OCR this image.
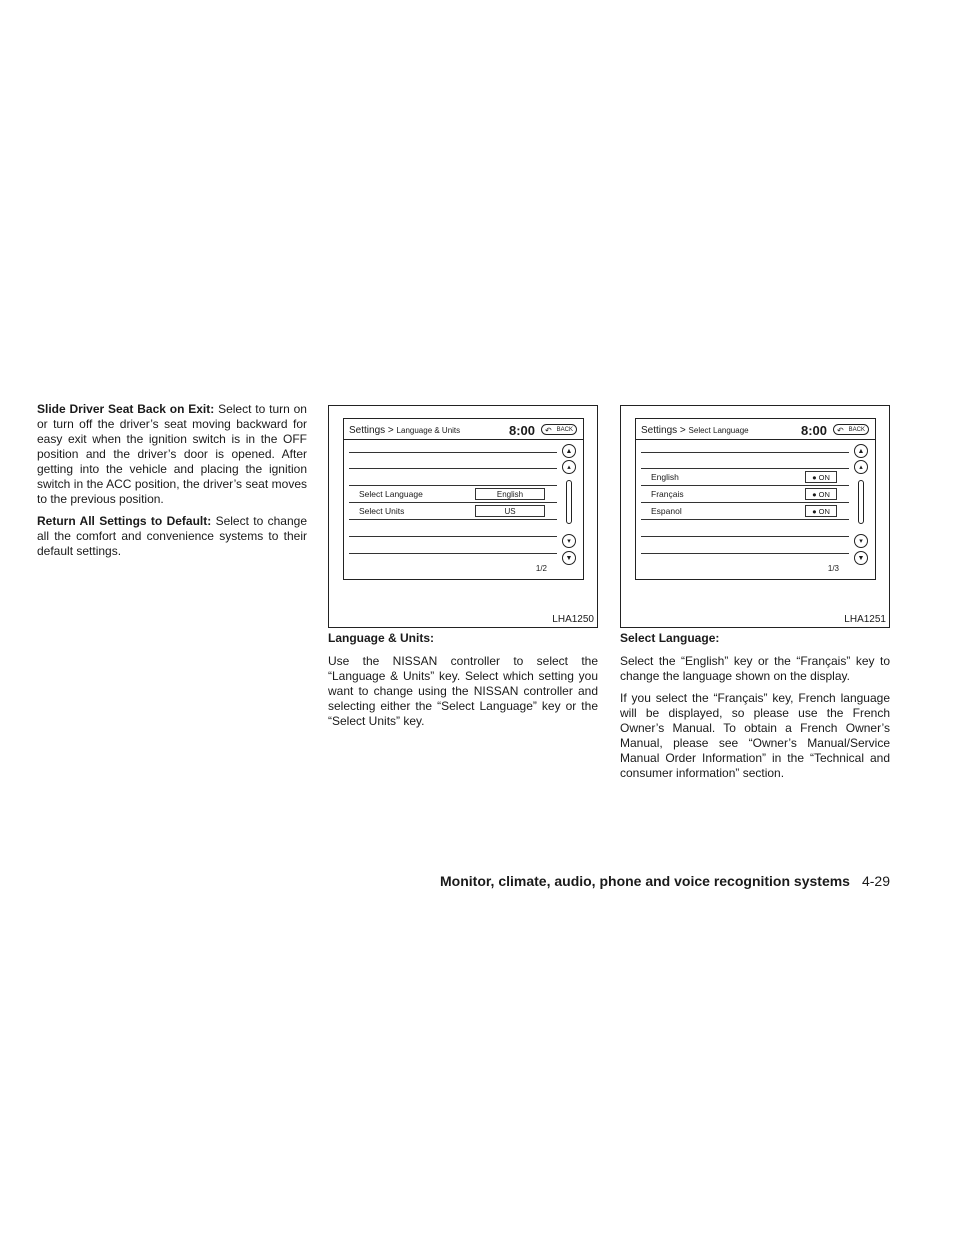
Slide Driver Seat Back on Exit: Select to turn on or turn off the driver’s seat moving backward for easy exit when the ignition switch is in the OFF position and the driver’s door is opened. After getting into the vehicle and placing the ignition switch in the ACC position, the driver’s seat moves to the previous position.

Return All Settings to Default: Select to change all the comfort and convenience systems to their default settings.

Settings > Language & Units	8:00 ↶ BACK
Select Language	English
Select Units	US
▲
▴
▾
▼
1/2
LHA1250
Settings > Select Language	8:00 ↶ BACK
English	● ON
Français	● ON
Espanol	● ON
▲
▴
▾
▼
1/3
LHA1251
Language & Units:

Use the NISSAN controller to select the “Language & Units” key. Select which setting you want to change using the NISSAN controller and selecting either the “Select Language” key or the “Select Units” key.

Select Language:

Select the “English” key or the “Français” key to change the language shown on the display.

If you select the “Français” key, French language will be displayed, so please use the French Owner’s Manual. To obtain a French Owner’s Manual, please see “Owner’s Manual/Service Manual Order Information” in the “Technical and consumer information” section.

Monitor, climate, audio, phone and voice recognition systems 4-29
